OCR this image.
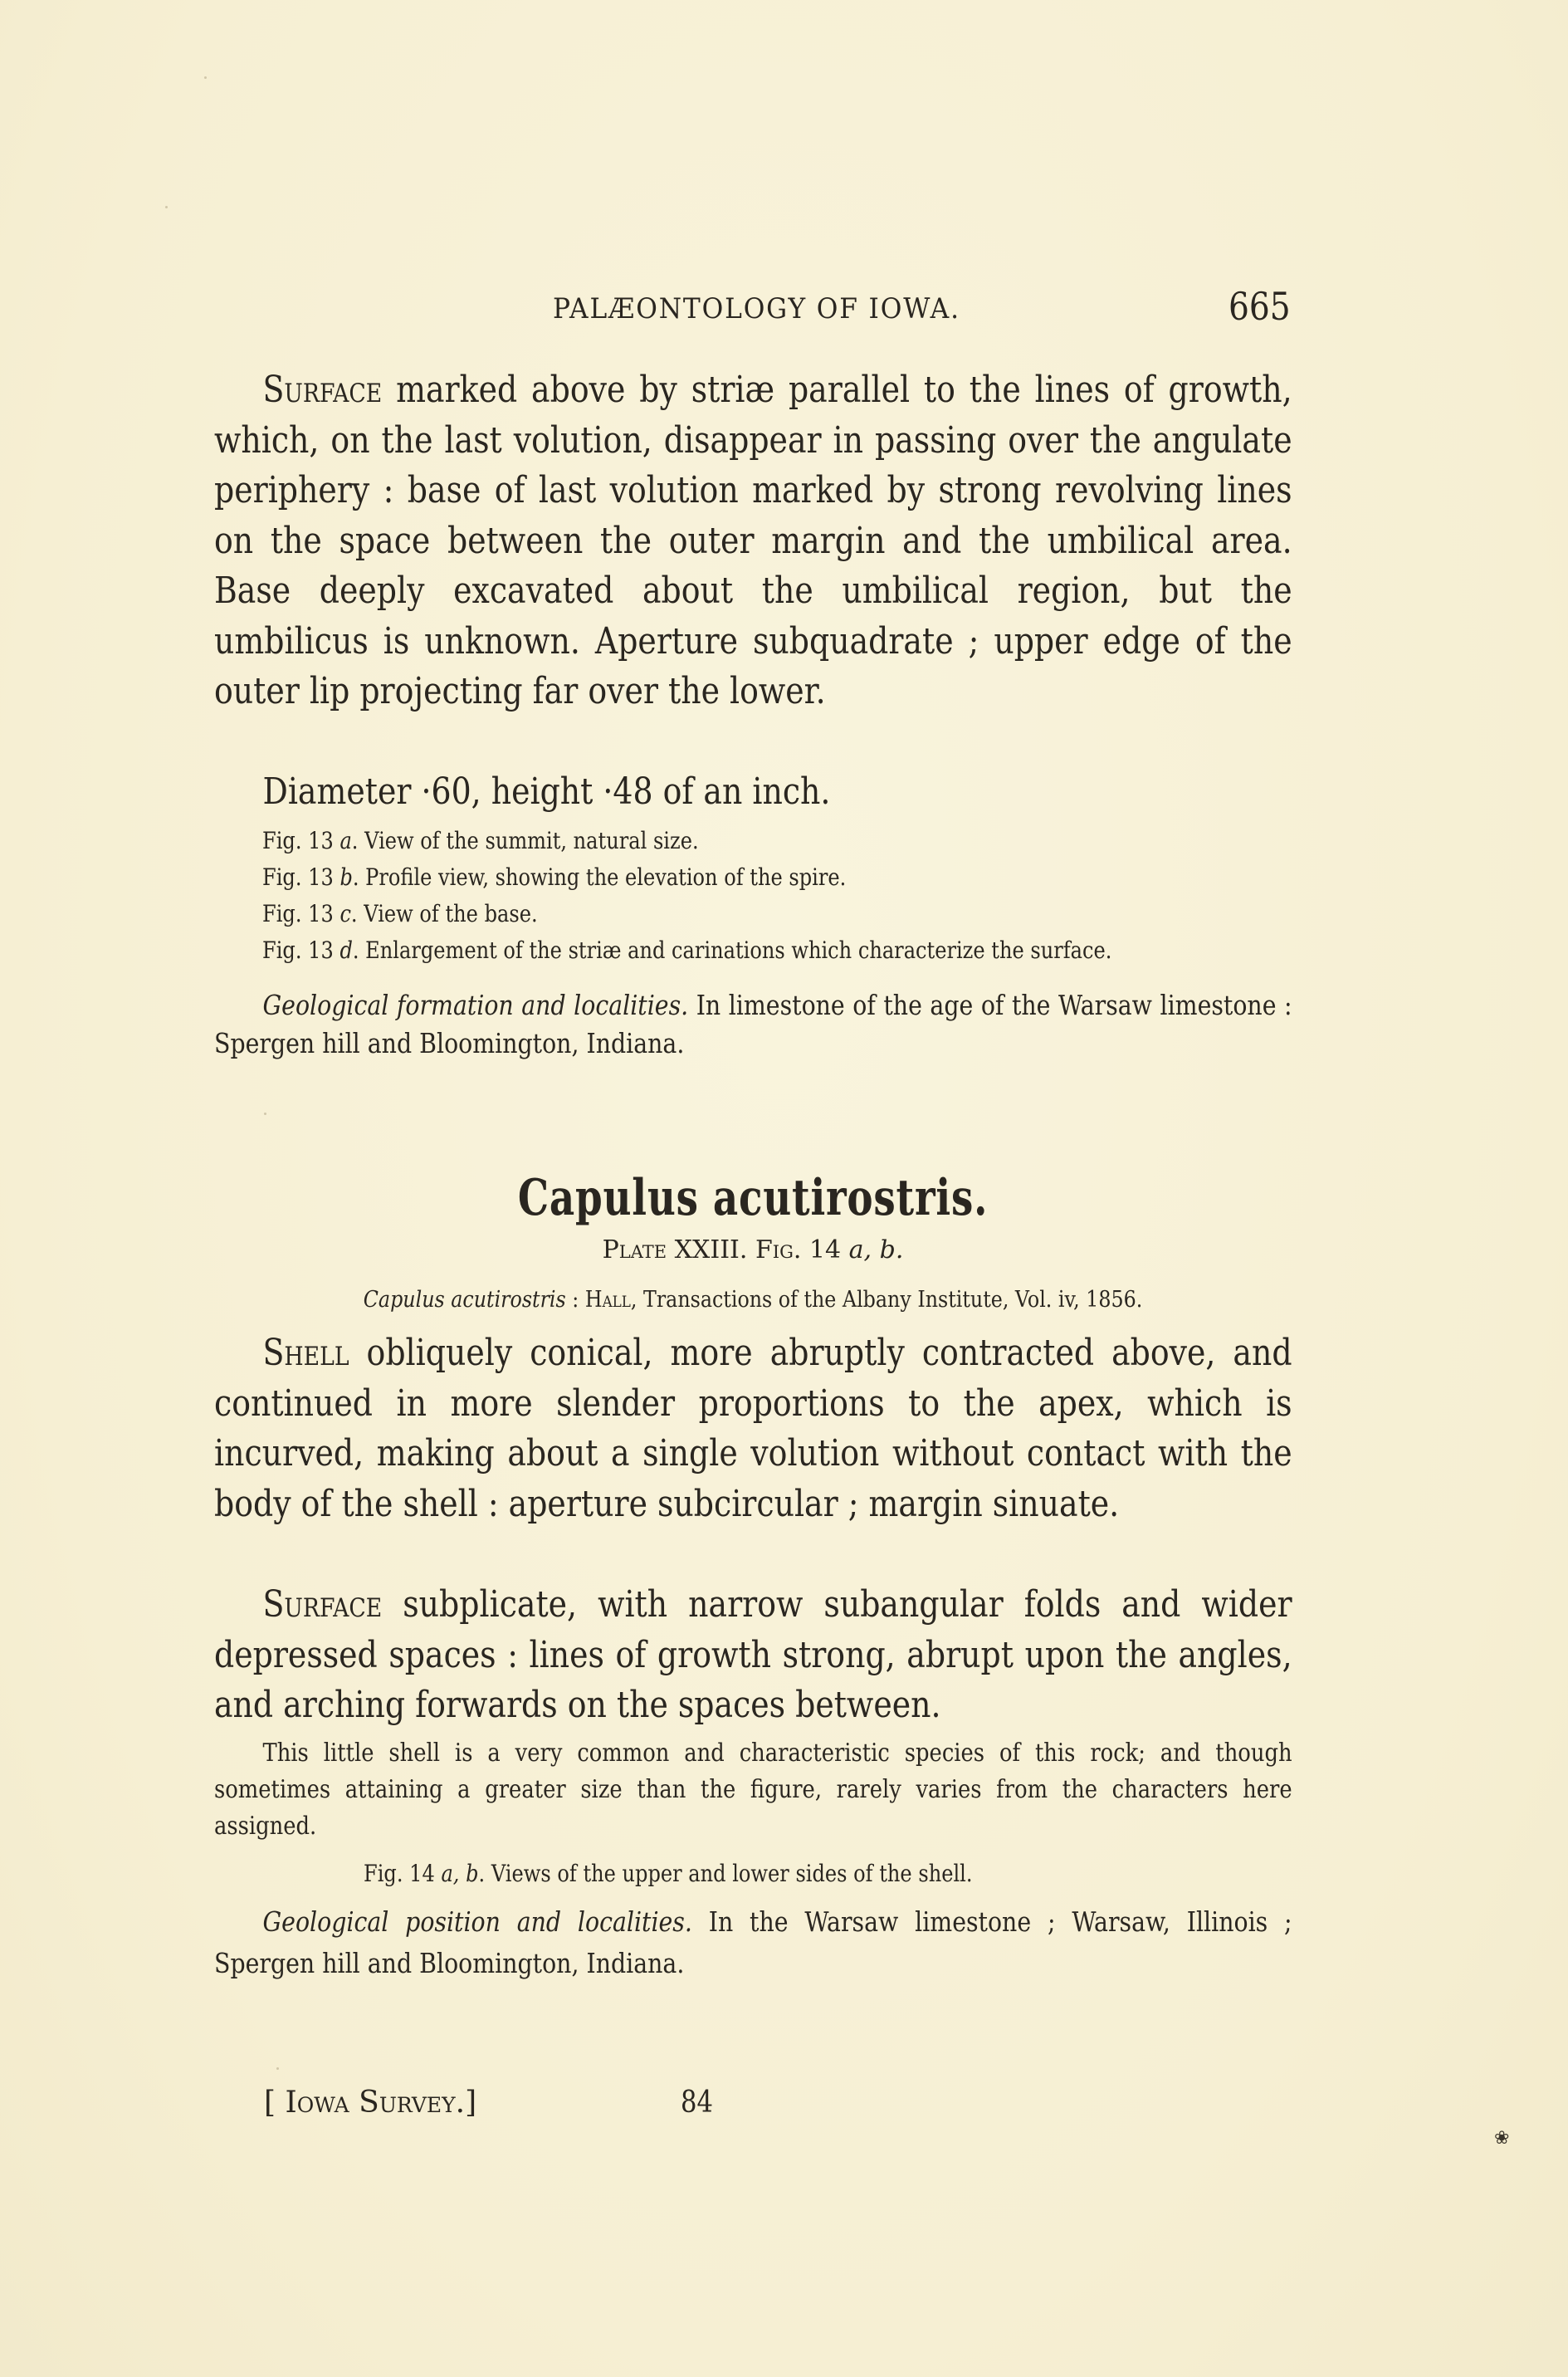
PALÆONTOLOGY OF IOWA.	665
Surface marked above by striæ parallel to the lines of growth, which, on the last volution, disappear in passing over the angulate periphery : base of last volution marked by strong revolving lines on the space between the outer margin and the umbilical area. Base deeply excavated about the umbilical region, but the umbilicus is unknown. Aperture subquadrate ; upper edge of the outer lip projecting far over the lower.
Diameter ·60, height ·48 of an inch.
Fig. 13 a. View of the summit, natural size.
Fig. 13 b. Profile view, showing the elevation of the spire.
Fig. 13 c. View of the base.
Fig. 13 d. Enlargement of the striæ and carinations which characterize the surface.
Geological formation and localities. In limestone of the age of the Warsaw limestone : Spergen hill and Bloomington, Indiana.
Capulus acutirostris.
Plate XXIII. Fig. 14 a, b.
Capulus acutirostris : Hall, Transactions of the Albany Institute, Vol. iv, 1856.
Shell obliquely conical, more abruptly contracted above, and continued in more slender proportions to the apex, which is incurved, making about a single volution without contact with the body of the shell : aperture subcircular ; margin sinuate.
Surface subplicate, with narrow subangular folds and wider depressed spaces : lines of growth strong, abrupt upon the angles, and arching forwards on the spaces between.
This little shell is a very common and characteristic species of this rock; and though sometimes attaining a greater size than the figure, rarely varies from the characters here assigned.
Fig. 14 a, b. Views of the upper and lower sides of the shell.
Geological position and localities. In the Warsaw limestone ; Warsaw, Illinois ; Spergen hill and Bloomington, Indiana.
[ Iowa Survey.]	84
❀
